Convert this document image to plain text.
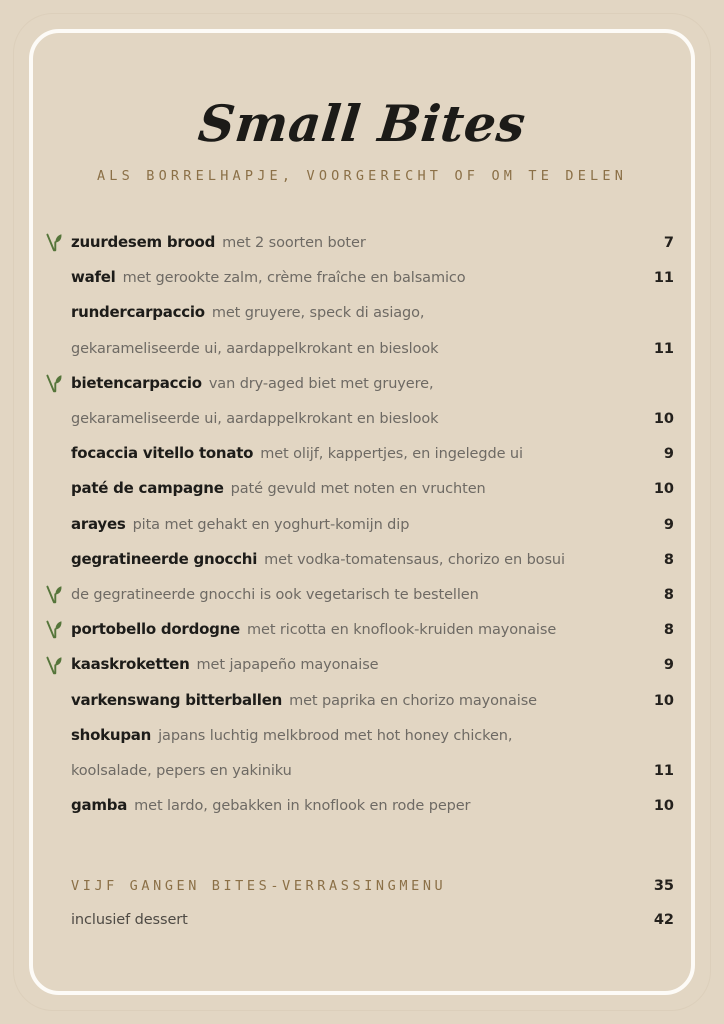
Small Bites

ALS BORRELHAPJE, VOORGERECHT OF OM TE DELEN

zuurdesem brood met 2 soorten boter	7
wafel met gerookte zalm, crème fraîche en balsamico	11
rundercarpaccio met gruyere, speck di asiago,
gekarameliseerde ui, aardappelkrokant en bieslook	11
bietencarpaccio van dry-aged biet met gruyere,
gekarameliseerde ui, aardappelkrokant en bieslook	10
focaccia vitello tonato met olijf, kappertjes, en ingelegde ui	9
paté de campagne paté gevuld met noten en vruchten	10
arayes pita met gehakt en yoghurt-komijn dip	9
gegratineerde gnocchi met vodka-tomatensaus, chorizo en bosui	8
de gegratineerde gnocchi is ook vegetarisch te bestellen	8
portobello dordogne met ricotta en knoflook-kruiden mayonaise	8
kaaskroketten met japapeño mayonaise	9
varkenswang bitterballen met paprika en chorizo mayonaise	10
shokupan japans luchtig melkbrood met hot honey chicken,
koolsalade, pepers en yakiniku	11
gamba met lardo, gebakken in knoflook en rode peper	10
VIJF GANGEN BITES-VERRASSINGMENU	35
inclusief dessert	42
